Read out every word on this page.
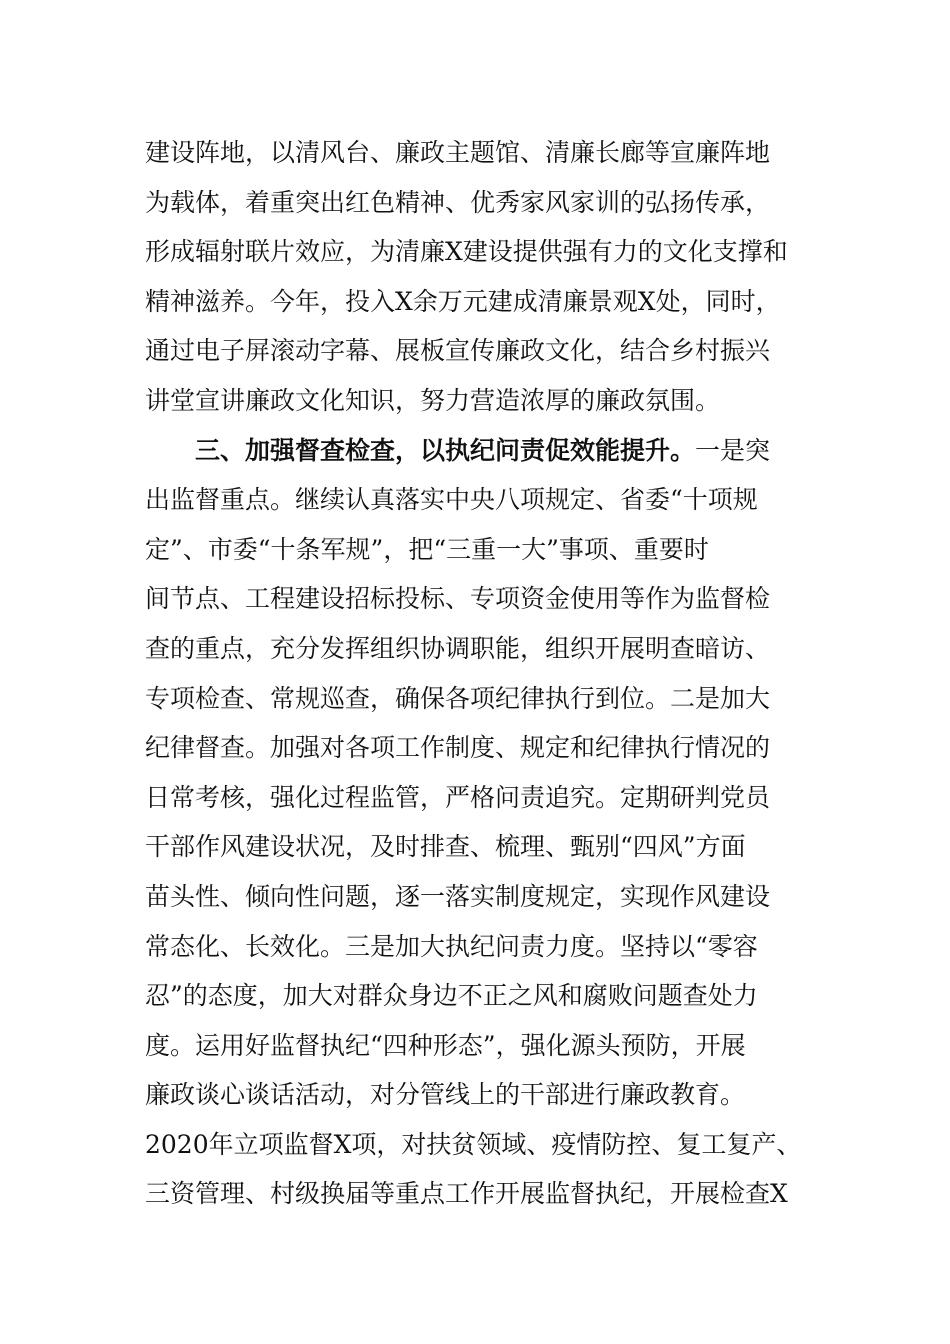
建设阵地，以清风台、廉政主题馆、清廉长廊等宣廉阵地
为载体，着重突出红色精神、优秀家风家训的弘扬传承，
形成辐射联片效应，为清廉X建设提供强有力的文化支撑和
精神滋养。今年，投入X余万元建成清廉景观X处，同时，
通过电子屏滚动字幕、展板宣传廉政文化，结合乡村振兴
讲堂宣讲廉政文化知识，努力营造浓厚的廉政氛围。
三、加强督查检查，以执纪问责促效能提升。一是突
出监督重点。继续认真落实中央八项规定、省委“十项规
定”、市委“十条军规”，把“三重一大”事项、重要时
间节点、工程建设招标投标、专项资金使用等作为监督检
查的重点，充分发挥组织协调职能，组织开展明查暗访、
专项检查、常规巡查，确保各项纪律执行到位。二是加大
纪律督查。加强对各项工作制度、规定和纪律执行情况的
日常考核，强化过程监管，严格问责追究。定期研判党员
干部作风建设状况，及时排查、梳理、甄别“四风”方面
苗头性、倾向性问题，逐一落实制度规定，实现作风建设
常态化、长效化。三是加大执纪问责力度。坚持以“零容
忍”的态度，加大对群众身边不正之风和腐败问题查处力
度。运用好监督执纪“四种形态”，强化源头预防，开展
廉政谈心谈话活动，对分管线上的干部进行廉政教育。
2020年立项监督X项，对扶贫领域、疫情防控、复工复产、
三资管理、村级换届等重点工作开展监督执纪，开展检查X
